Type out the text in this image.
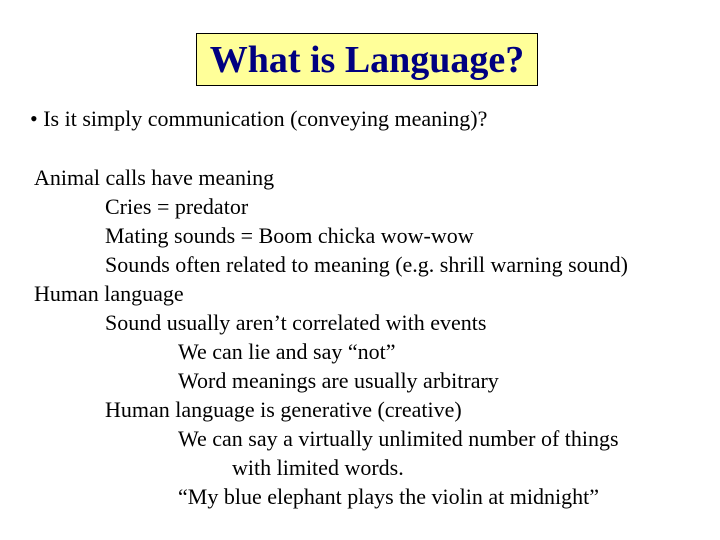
What is Language?
• Is it simply communication (conveying meaning)?
Animal calls have meaning
Cries = predator
Mating sounds = Boom chicka wow-wow
Sounds often related to meaning (e.g. shrill warning sound)
Human language
Sound usually aren’t correlated with events
We can lie and say “not”
Word meanings are usually arbitrary
Human language is generative (creative)
We can say a virtually unlimited number of things
with limited words.
“My blue elephant plays the violin at midnight”
